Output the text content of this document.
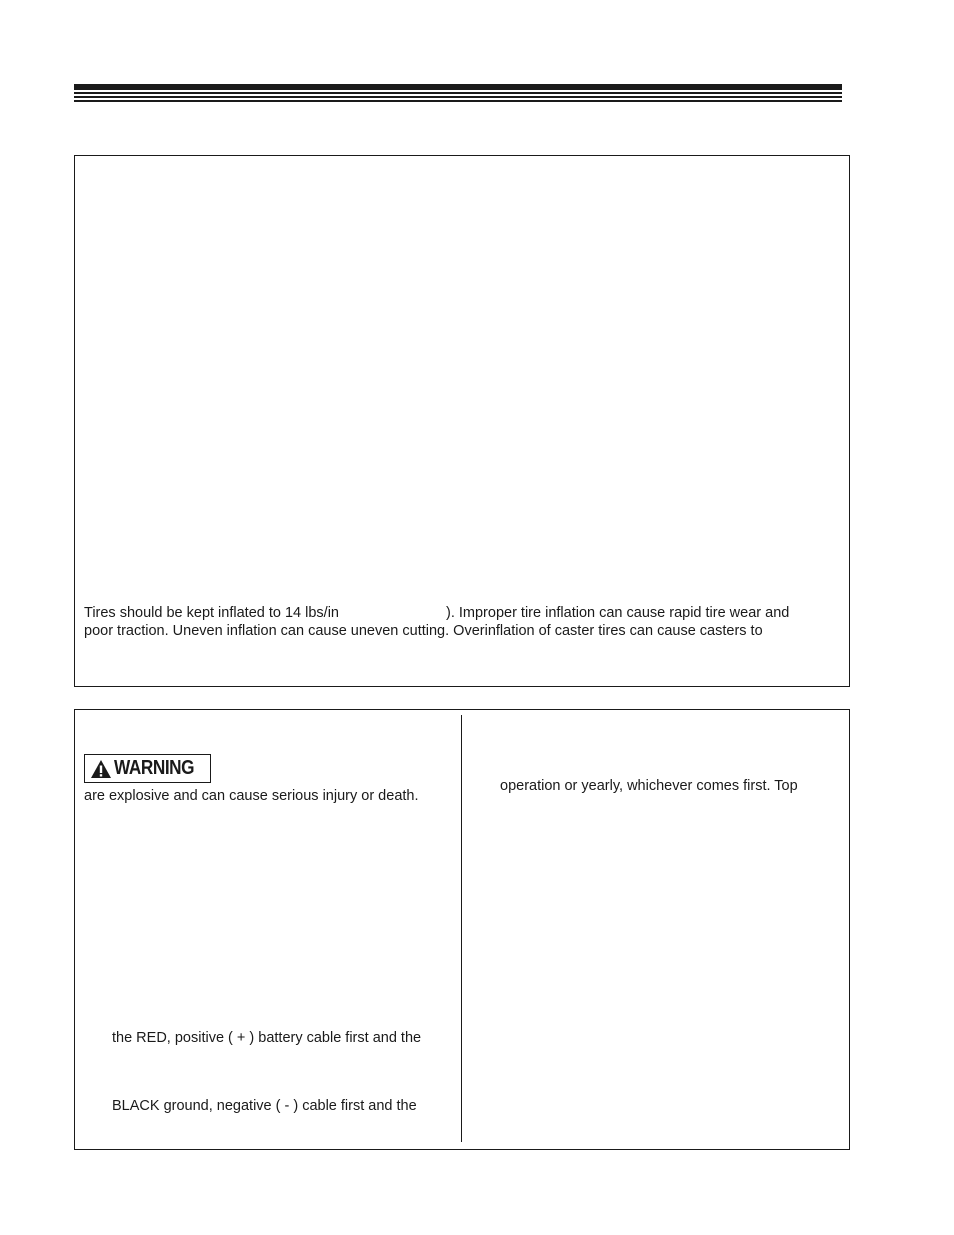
Tires should be kept inflated to 14 lbs/in	). Improper tire inflation can cause rapid tire wear and
poor traction. Uneven inflation can cause uneven cutting. Overinflation of caster tires can cause casters to
WARNING
are explosive and can cause serious injury or death.
the RED, positive ( + ) battery cable first and the
BLACK ground, negative ( - ) cable first and the
operation or yearly, whichever comes first. Top
